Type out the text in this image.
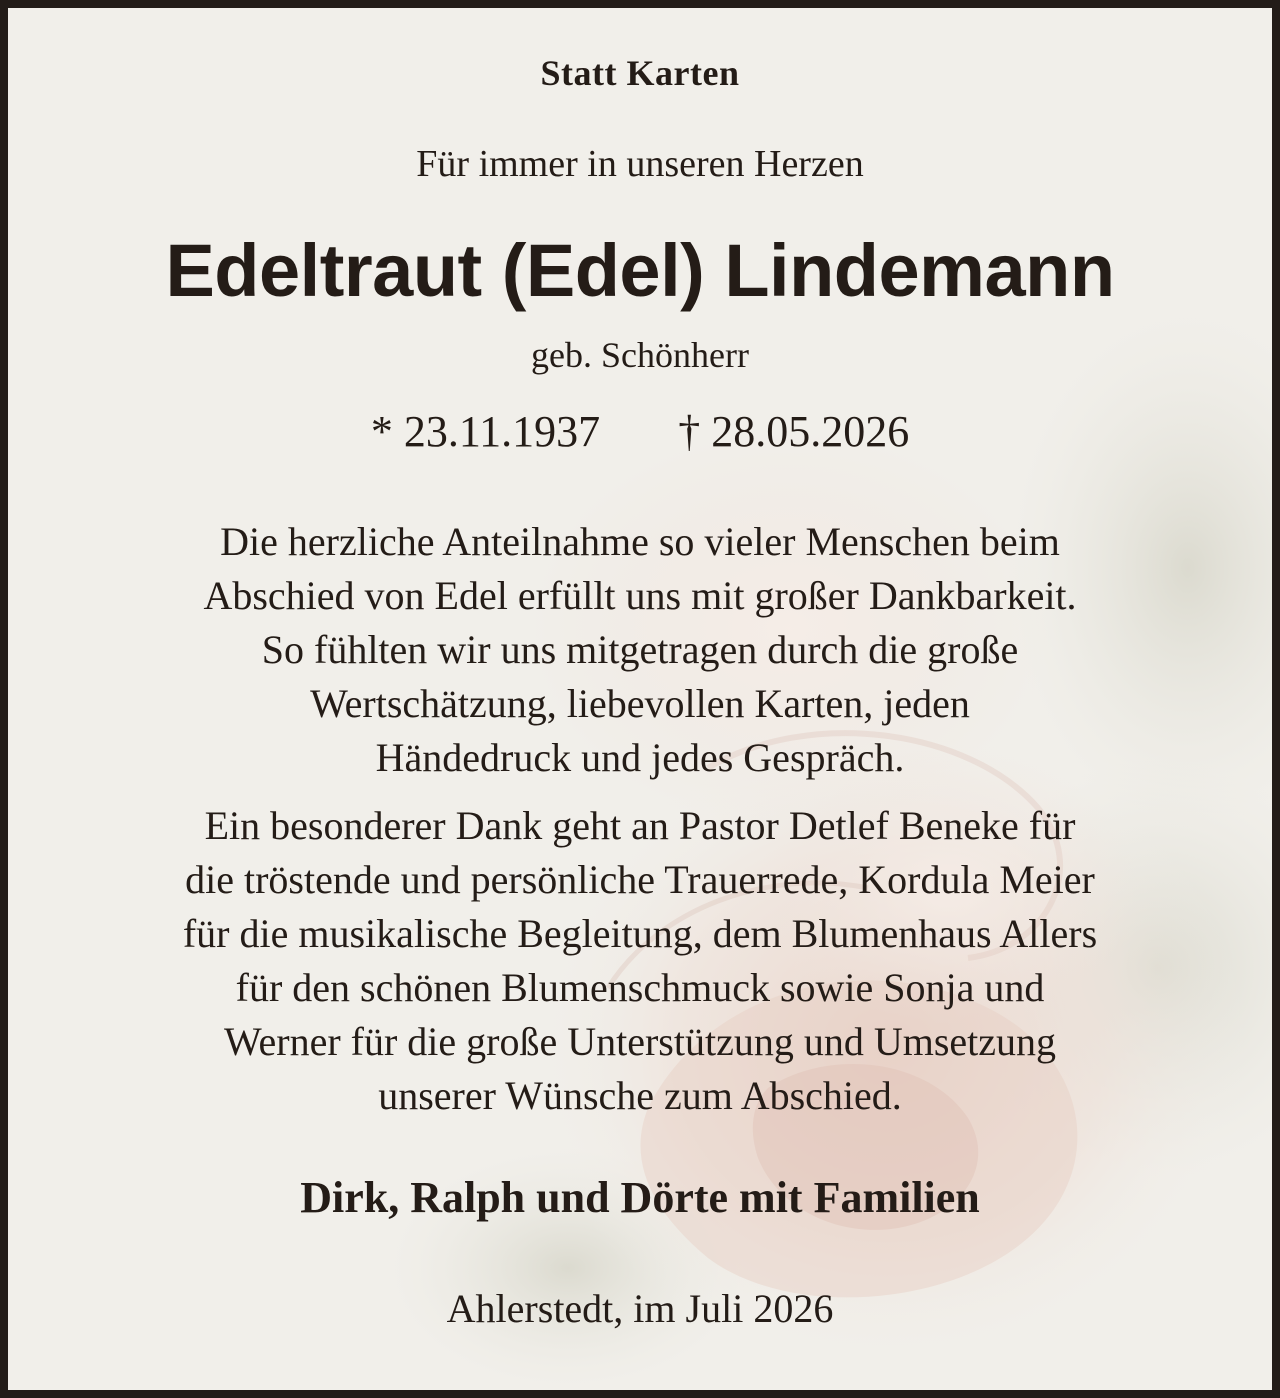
Statt Karten
Für immer in unseren Herzen
Edeltraut (Edel) Lindemann
geb. Schönherr
* 23.11.1937 † 28.05.2026
Die herzliche Anteilnahme so vieler Menschen beim
Abschied von Edel erfüllt uns mit großer Dankbarkeit.
So fühlten wir uns mitgetragen durch die große
Wertschätzung, liebevollen Karten, jeden
Händedruck und jedes Gespräch.
Ein besonderer Dank geht an Pastor Detlef Beneke für
die tröstende und persönliche Trauerrede, Kordula Meier
für die musikalische Begleitung, dem Blumenhaus Allers
für den schönen Blumenschmuck sowie Sonja und
Werner für die große Unterstützung und Umsetzung
unserer Wünsche zum Abschied.
Dirk, Ralph und Dörte mit Familien
Ahlerstedt, im Juli 2026
